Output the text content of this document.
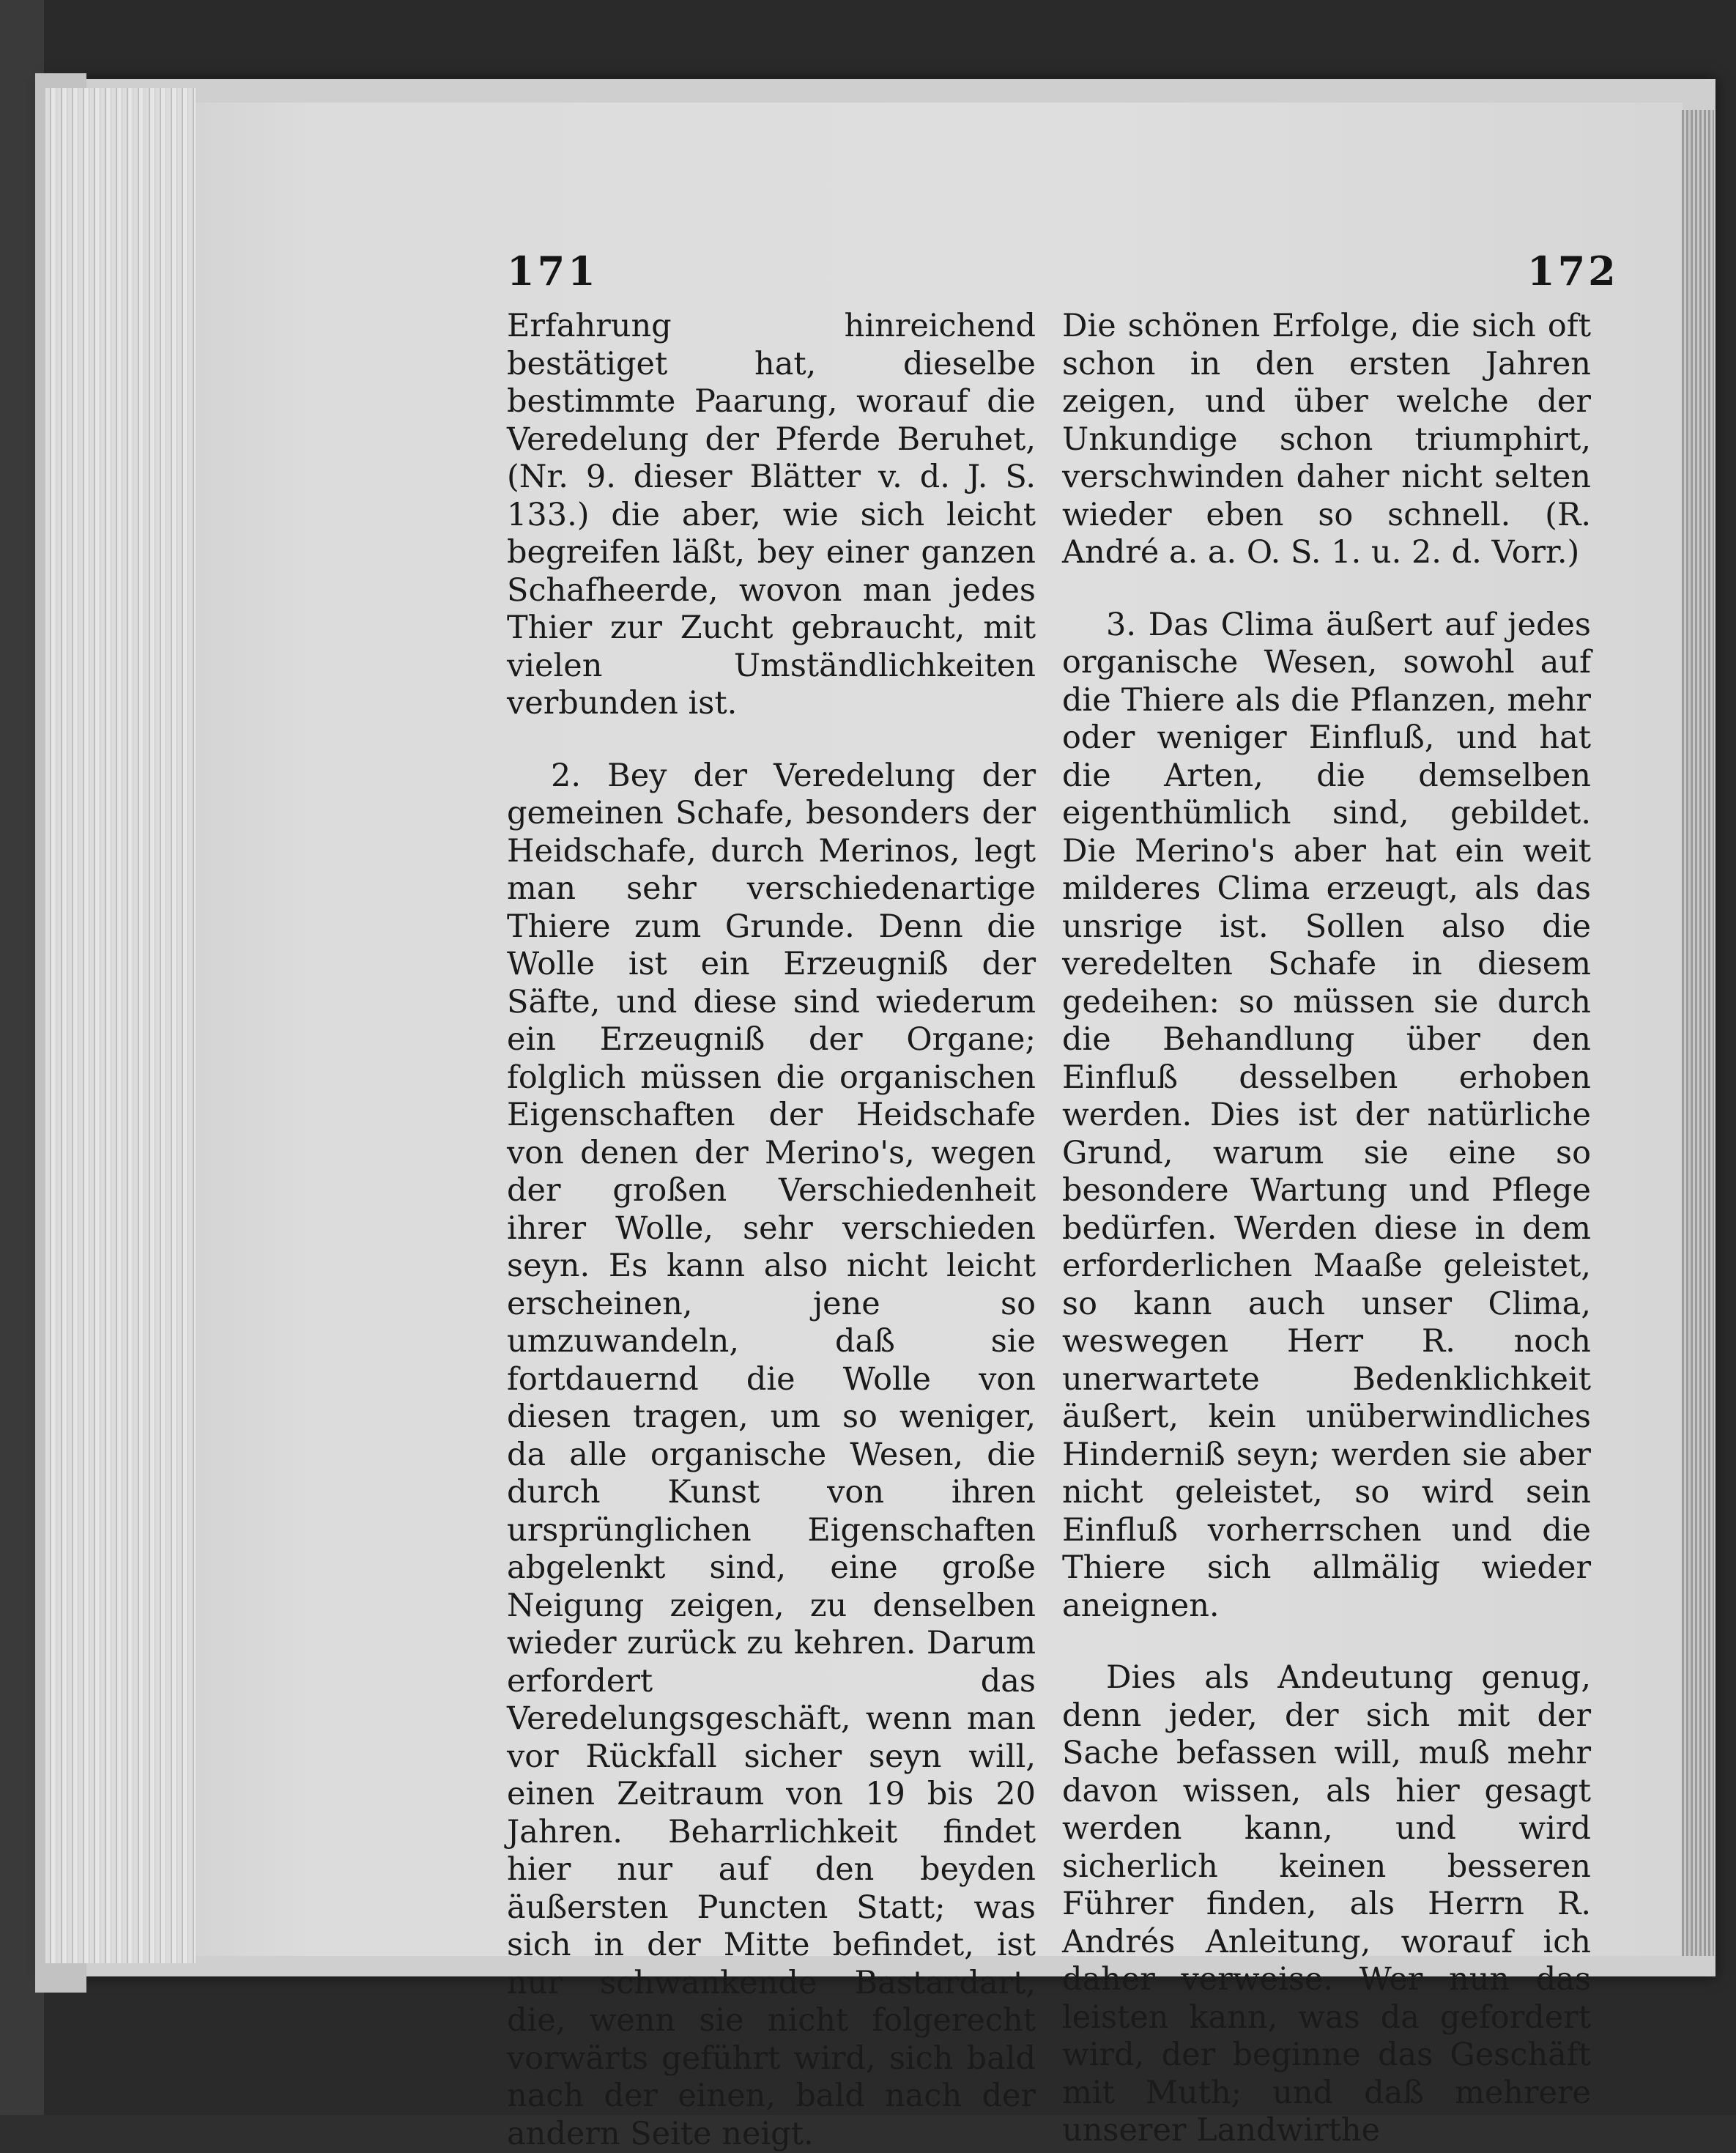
171	172

Erfahrung hinreichend bestätiget hat, dieselbe bestimmte Paarung, worauf die Veredelung der Pferde Beruhet, (Nr. 9. dieser Blätter v. d. J. S. 133.) die aber, wie sich leicht begreifen läßt, bey einer ganzen Schafheerde, wovon man jedes Thier zur Zucht gebraucht, mit vielen Umständlichkeiten verbunden ist.

2. Bey der Veredelung der gemeinen Schafe, besonders der Heidschafe, durch Merinos, legt man sehr verschiedenartige Thiere zum Grunde. Denn die Wolle ist ein Erzeugniß der Säfte, und diese sind wiederum ein Erzeugniß der Organe; folglich müssen die organischen Eigenschaften der Heidschafe von denen der Merino's, wegen der großen Verschiedenheit ihrer Wolle, sehr verschieden seyn. Es kann also nicht leicht erscheinen, jene so umzuwandeln, daß sie fortdauernd die Wolle von diesen tragen, um so weniger, da alle organische Wesen, die durch Kunst von ihren ursprünglichen Eigenschaften abgelenkt sind, eine große Neigung zeigen, zu denselben wieder zurück zu kehren. Darum erfordert das Veredelungsgeschäft, wenn man vor Rückfall sicher seyn will, einen Zeitraum von 19 bis 20 Jahren. Beharrlichkeit findet hier nur auf den beyden äußersten Puncten Statt; was sich in der Mitte befindet, ist nur schwankende Bastardart, die, wenn sie nicht folgerecht vorwärts geführt wird, sich bald nach der einen, bald nach der andern Seite neigt.

Die schönen Erfolge, die sich oft schon in den ersten Jahren zeigen, und über welche der Unkundige schon triumphirt, verschwinden daher nicht selten wieder eben so schnell. (R. André a. a. O. S. 1. u. 2. d. Vorr.)

3. Das Clima äußert auf jedes organische Wesen, sowohl auf die Thiere als die Pflanzen, mehr oder weniger Einfluß, und hat die Arten, die demselben eigenthümlich sind, gebildet. Die Merino's aber hat ein weit milderes Clima erzeugt, als das unsrige ist. Sollen also die veredelten Schafe in diesem gedeihen: so müssen sie durch die Behandlung über den Einfluß desselben erhoben werden. Dies ist der natürliche Grund, warum sie eine so besondere Wartung und Pflege bedürfen. Werden diese in dem erforderlichen Maaße geleistet, so kann auch unser Clima, weswegen Herr R. noch unerwartete Bedenklichkeit äußert, kein unüberwindliches Hinderniß seyn; werden sie aber nicht geleistet, so wird sein Einfluß vorherrschen und die Thiere sich allmälig wieder aneignen.

Dies als Andeutung genug, denn jeder, der sich mit der Sache befassen will, muß mehr davon wissen, als hier gesagt werden kann, und wird sicherlich keinen besseren Führer finden, als Herrn R. Andrés Anleitung, worauf ich daher verweise. Wer nun das leisten kann, was da gefordert wird, der beginne das Geschäft mit Muth; und daß mehrere unserer Landwirthe
